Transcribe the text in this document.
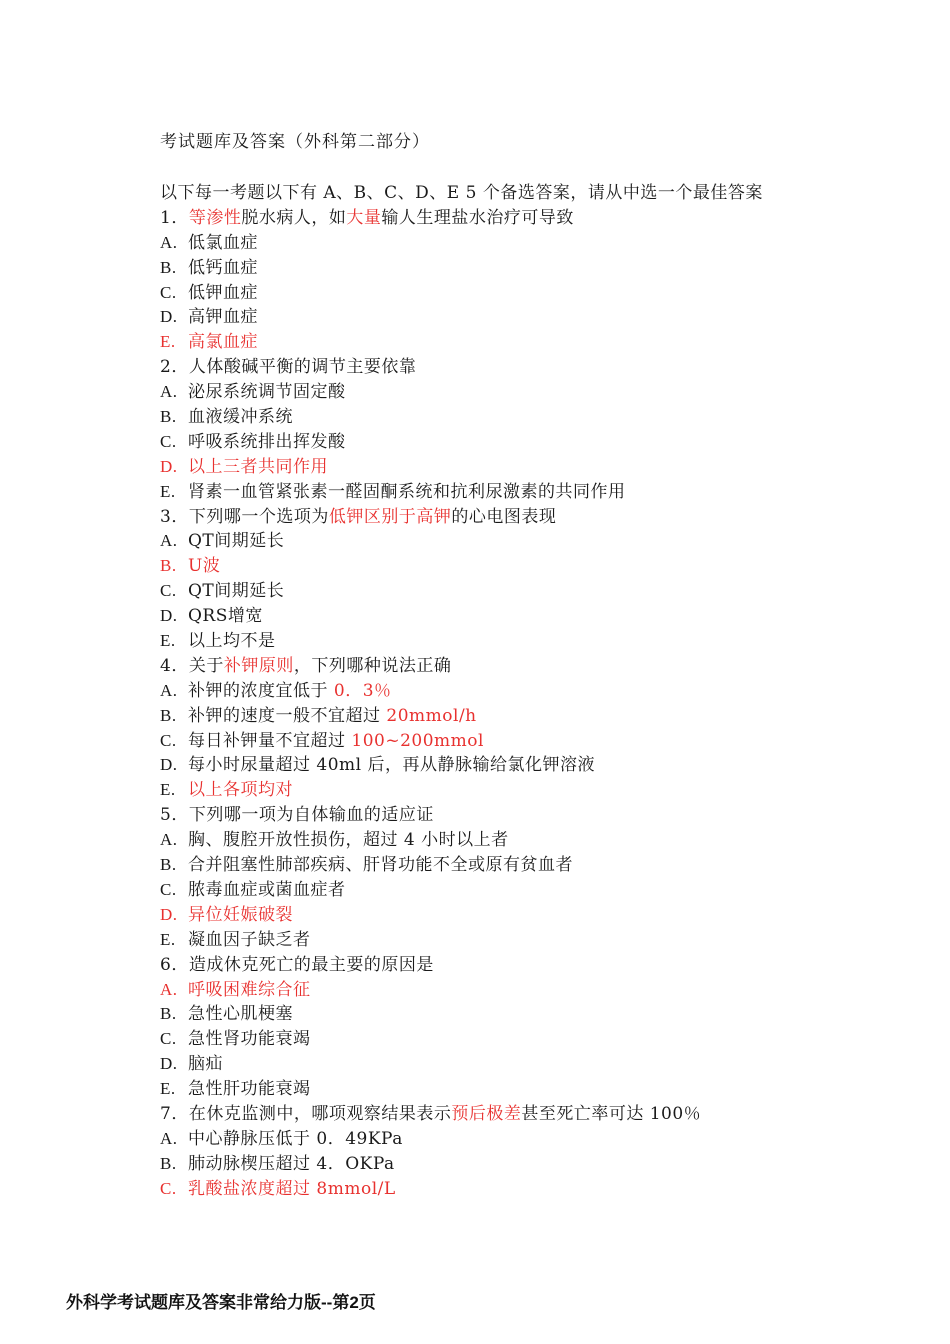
考试题库及答案（外科第二部分）
以下每一考题以下有 A、B、C、D、E 5 个备选答案，请从中选一个最佳答案
1．等渗性脱水病人，如大量输人生理盐水治疗可导致
A. 低氯血症
B. 低钙血症
C. 低钾血症
D. 高钾血症
E. 高氯血症
2．人体酸碱平衡的调节主要依靠
A. 泌尿系统调节固定酸
B. 血液缓冲系统
C. 呼吸系统排出挥发酸
D. 以上三者共同作用
E. 肾素一血管紧张素一醛固酮系统和抗利尿激素的共同作用
3．下列哪一个选项为低钾区别于高钾的心电图表现
A. QT间期延长
B. U波
C. QT间期延长
D. QRS增宽
E. 以上均不是
4．关于补钾原则，下列哪种说法正确
A. 补钾的浓度宜低于 0．3％
B. 补钾的速度一般不宜超过 20mmol/h
C. 每日补钾量不宜超过 100~200mmol
D. 每小时尿量超过 40ml 后，再从静脉输给氯化钾溶液
E. 以上各项均对
5．下列哪一项为自体输血的适应证
A. 胸、腹腔开放性损伤，超过 4 小时以上者
B. 合并阻塞性肺部疾病、肝肾功能不全或原有贫血者
C. 脓毒血症或菌血症者
D. 异位妊娠破裂
E. 凝血因子缺乏者
6．造成休克死亡的最主要的原因是
A. 呼吸困难综合征
B. 急性心肌梗塞
C. 急性肾功能衰竭
D. 脑疝
E. 急性肝功能衰竭
7．在休克监测中，哪项观察结果表示预后极差甚至死亡率可达 100％
A. 中心静脉压低于 0．49KPa
B. 肺动脉楔压超过 4．OKPa
C. 乳酸盐浓度超过 8mmol/L
外科学考试题库及答案非常给力版--第2页
